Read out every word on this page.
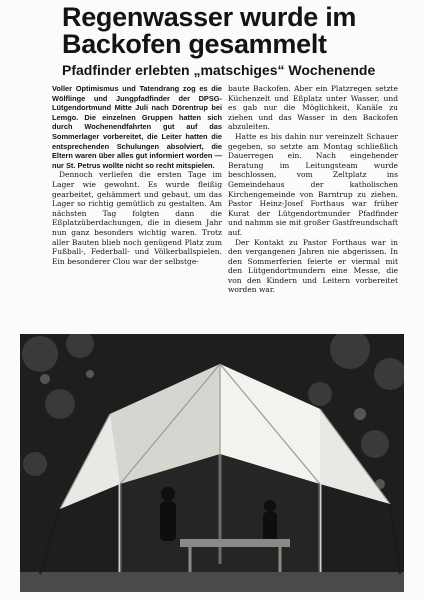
Regenwasser wurde im
Backofen gesammelt
Pfadfinder erlebten „matschiges“ Wochenende

Voller Optimismus und Tatendrang zog es die Wölflinge und Jungpfadfinder der DPSG-Lütgendortmund Mitte Juli nach Dörentrup bei Lemgo. Die einzelnen Gruppen hatten sich durch Wochenendfahrten gut auf das Sommerlager vorbereitet, die Leiter hatten die entsprechenden Schulungen absolviert, die Eltern waren über alles gut informiert worden — nur St. Petrus wollte nicht so recht mitspielen.

Dennoch verliefen die ersten Tage im Lager wie gewohnt. Es wurde fleißig gearbeitet, gehämmert und gebaut, um das Lager so richtig gemütlich zu gestalten. Am nächsten Tag folgten dann die Eßplatzüberdachungen, die in diesem Jahr nun ganz besonders wichtig waren. Trotz aller Bauten blieb noch genügend Platz zum Fußball-, Federball- und Völkerballspielen. Ein besonderer Clou war der selbstge-

baute Backofen. Aber ein Platzregen setzte Küchenzelt und Eßplatz unter Wasser, und es gab nur die Möglichkeit, Kanäle zu ziehen und das Wasser in den Backofen abzuleiten.

Hatte es bis dahin nur vereinzelt Schauer gegeben, so setzte am Montag schließlich Dauerregen ein. Nach eingehender Beratung im Leitungsteam wurde beschlossen, vom Zeltplatz ins Gemeindehaus der katholischen Kirchengemeinde von Barntrup zu ziehen. Pastor Heinz-Josef Forthaus war früher Kurat der Lütgendortmunder Pfadfinder und nahmm sie mit großer Gastfreundschaft auf.

Der Kontakt zu Pastor Forthaus war in den vergangenen Jahren nie abgerissen. In den Sommerferien feierte er viermal mit den Lütgendortmundern eine Messe, die von den Kindern und Leitern vorbereitet worden war.
